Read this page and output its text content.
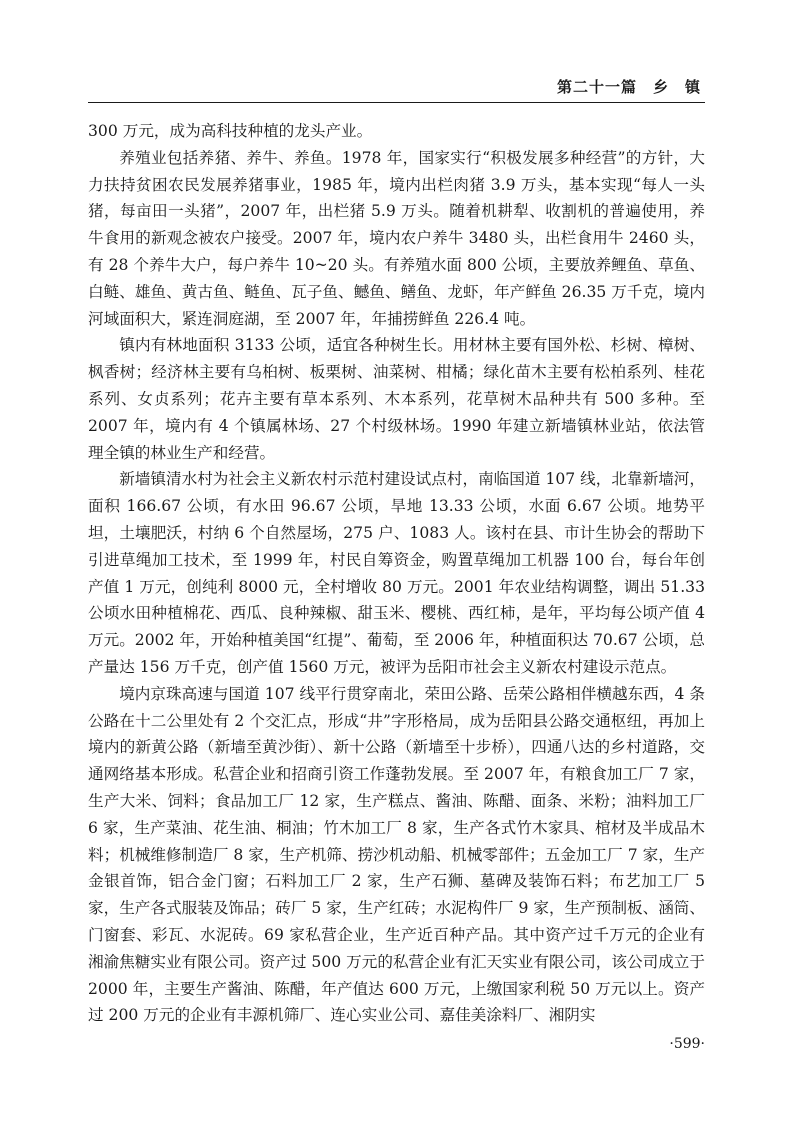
第二十一篇　乡　镇

300 万元，成为高科技种植的龙头产业。

养殖业包括养猪、养牛、养鱼。1978 年，国家实行“积极发展多种经营”的方针，大力扶持贫困农民发展养猪事业，1985 年，境内出栏肉猪 3.9 万头，基本实现“每人一头猪，每亩田一头猪”，2007 年，出栏猪 5.9 万头。随着机耕犁、收割机的普遍使用，养牛食用的新观念被农户接受。2007 年，境内农户养牛 3480 头，出栏食用牛 2460 头，有 28 个养牛大户，每户养牛 10~20 头。有养殖水面 800 公顷，主要放养鲤鱼、草鱼、白鲢、雄鱼、黄古鱼、鲢鱼、瓦子鱼、鳡鱼、鳝鱼、龙虾，年产鲜鱼 26.35 万千克，境内河域面积大，紧连洞庭湖，至 2007 年，年捕捞鲜鱼 226.4 吨。

镇内有林地面积 3133 公顷，适宜各种树生长。用材林主要有国外松、杉树、樟树、枫香树；经济林主要有乌桕树、板栗树、油菜树、柑橘；绿化苗木主要有松柏系列、桂花系列、女贞系列；花卉主要有草本系列、木本系列，花草树木品种共有 500 多种。至 2007 年，境内有 4 个镇属林场、27 个村级林场。1990 年建立新墙镇林业站，依法管理全镇的林业生产和经营。

新墙镇清水村为社会主义新农村示范村建设试点村，南临国道 107 线，北靠新墙河，面积 166.67 公顷，有水田 96.67 公顷，旱地 13.33 公顷，水面 6.67 公顷。地势平坦，土壤肥沃，村纳 6 个自然屋场，275 户、1083 人。该村在县、市计生协会的帮助下引进草绳加工技术，至 1999 年，村民自筹资金，购置草绳加工机器 100 台，每台年创产值 1 万元，创纯利 8000 元，全村增收 80 万元。2001 年农业结构调整，调出 51.33 公顷水田种植棉花、西瓜、良种辣椒、甜玉米、樱桃、西红柿，是年，平均每公顷产值 4 万元。2002 年，开始种植美国“红提”、葡萄，至 2006 年，种植面积达 70.67 公顷，总产量达 156 万千克，创产值 1560 万元，被评为岳阳市社会主义新农村建设示范点。

境内京珠高速与国道 107 线平行贯穿南北，荣田公路、岳荣公路相伴横越东西，4 条公路在十二公里处有 2 个交汇点，形成“井”字形格局，成为岳阳县公路交通枢纽，再加上境内的新黄公路（新墙至黄沙街）、新十公路（新墙至十步桥），四通八达的乡村道路，交通网络基本形成。私营企业和招商引资工作蓬勃发展。至 2007 年，有粮食加工厂 7 家，生产大米、饲料；食品加工厂 12 家，生产糕点、酱油、陈醋、面条、米粉；油料加工厂 6 家，生产菜油、花生油、桐油；竹木加工厂 8 家，生产各式竹木家具、棺材及半成品木料；机械维修制造厂 8 家，生产机筛、捞沙机动船、机械零部件；五金加工厂 7 家，生产金银首饰，铝合金门窗；石料加工厂 2 家，生产石狮、墓碑及装饰石料；布艺加工厂 5 家，生产各式服装及饰品；砖厂 5 家，生产红砖；水泥构件厂 9 家，生产预制板、涵筒、门窗套、彩瓦、水泥砖。69 家私营企业，生产近百种产品。其中资产过千万元的企业有湘渝焦糖实业有限公司。资产过 500 万元的私营企业有汇天实业有限公司，该公司成立于 2000 年，主要生产酱油、陈醋，年产值达 600 万元，上缴国家利税 50 万元以上。资产过 200 万元的企业有丰源机筛厂、连心实业公司、嘉佳美涂料厂、湘阴实

·599·
